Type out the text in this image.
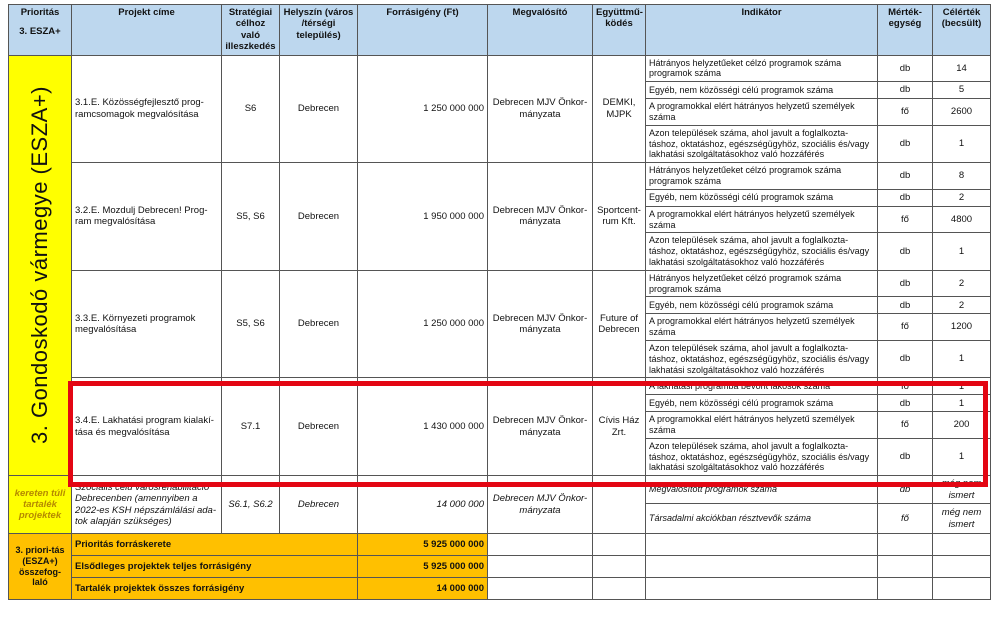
Prioritás
3. ESZA+	Projekt címe	Stratégiai célhoz való illeszkedés	Helyszín (város /térségi település)	Forrásigény (Ft)	Megvalósító	Együttmű-ködés	Indikátor	Mérték-egység	Célérték (becsült)

3. Gondoskodó vármegye (ESZA+)	3.1.E. Közösségfejlesztő prog-ramcsomagok megvalósítása	S6	Debrecen	1 250 000 000	Debrecen MJV Önkor-mányzata	DEMKI, MJPK	Hátrányos helyzetűeket célzó programok száma programok száma	db	14
							Egyéb, nem közösségi célú programok száma	db	5
							A programokkal elért hátrányos helyzetű személyek száma	fő	2600
							Azon települések száma, ahol javult a foglalkozta-táshoz, oktatáshoz, egészségügyhöz, szociális és/vagy lakhatási szolgáltatásokhoz való hozzáférés	db	1
	3.2.E. Mozdulj Debrecen! Prog-ram megvalósítása	S5, S6	Debrecen	1 950 000 000	Debrecen MJV Önkor-mányzata	Sportcent-rum Kft.	Hátrányos helyzetűeket célzó programok száma programok száma	db	8
							Egyéb, nem közösségi célú programok száma	db	2
							A programokkal elért hátrányos helyzetű személyek száma	fő	4800
							Azon települések száma, ahol javult a foglalkozta-táshoz, oktatáshoz, egészségügyhöz, szociális és/vagy lakhatási szolgáltatásokhoz való hozzáférés	db	1
	3.3.E. Környezeti programok megvalósítása	S5, S6	Debrecen	1 250 000 000	Debrecen MJV Önkor-mányzata	Future of Debrecen	Hátrányos helyzetűeket célzó programok száma programok száma	db	2
							Egyéb, nem közösségi célú programok száma	db	2
							A programokkal elért hátrányos helyzetű személyek száma	fő	1200
							Azon települések száma, ahol javult a foglalkozta-táshoz, oktatáshoz, egészségügyhöz, szociális és/vagy lakhatási szolgáltatásokhoz való hozzáférés	db	1
	3.4.E. Lakhatási program kialakí-tása és megvalósítása	S7.1	Debrecen	1 430 000 000	Debrecen MJV Önkor-mányzata	Cívis Ház Zrt.	A lakhatási programba bevont lakosok száma	fő	1
							Egyéb, nem közösségi célú programok száma	db	1
							A programokkal elért hátrányos helyzetű személyek száma	fő	200
							Azon települések száma, ahol javult a foglalkozta-táshoz, oktatáshoz, egészségügyhöz, szociális és/vagy lakhatási szolgáltatásokhoz való hozzáférés	db	1
kereten túli tartalék projektek	Szociális célú városrehabilitáció Debrecenben (amennyiben a 2022-es KSH népszámlálási ada-tok alapján szükséges)	S6.1, S6.2	Debrecen	14 000 000	Debrecen MJV Önkor-mányzata		Megvalósított programok száma	db	még nem ismert
							Társadalmi akciókban résztvevők száma	fő	még nem ismert
3. priori-tás (ESZA+) összefog-laló	Prioritás forráskerete			5 925 000 000					
	Elsődleges projektek teljes forrásigény			5 925 000 000					
	Tartalék projektek összes forrásigény			14 000 000					
